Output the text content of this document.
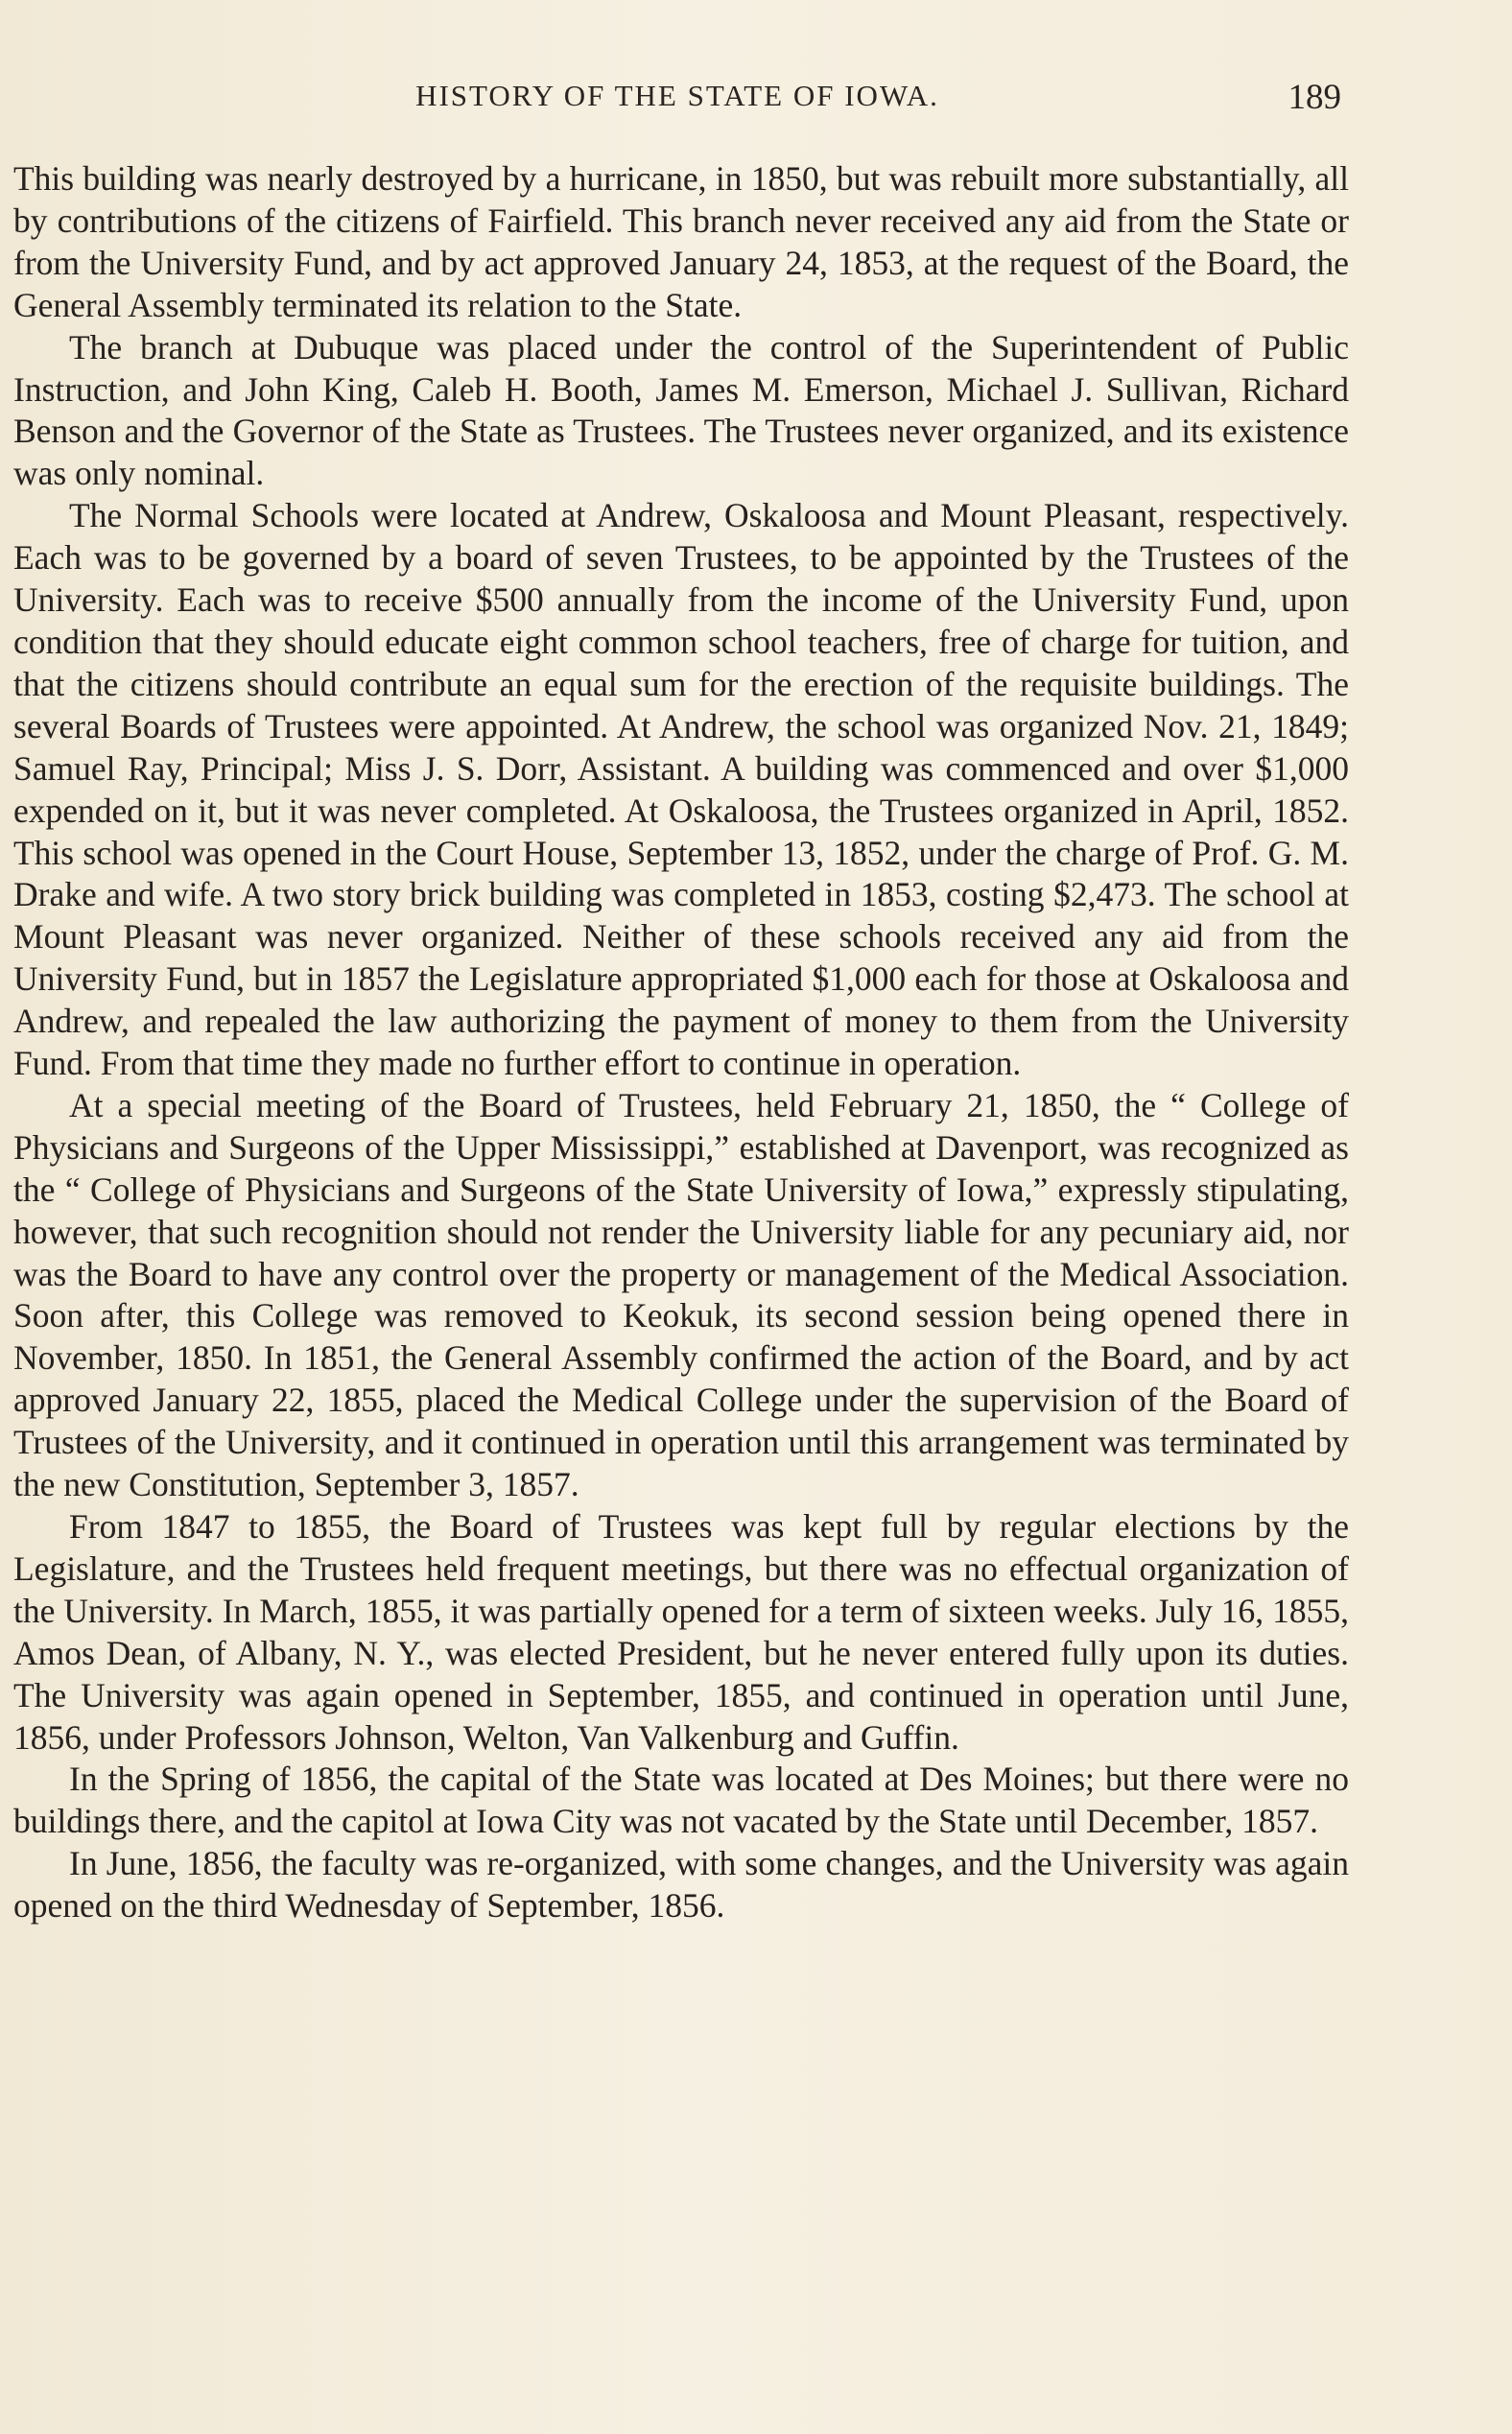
HISTORY OF THE STATE OF IOWA.	189

This building was nearly destroyed by a hurricane, in 1850, but was rebuilt more substantially, all by contributions of the citizens of Fairfield. This branch never received any aid from the State or from the University Fund, and by act approved January 24, 1853, at the request of the Board, the General Assembly terminated its relation to the State.

The branch at Dubuque was placed under the control of the Superintendent of Public Instruction, and John King, Caleb H. Booth, James M. Emerson, Michael J. Sullivan, Richard Benson and the Governor of the State as Trustees. The Trustees never organized, and its existence was only nominal.

The Normal Schools were located at Andrew, Oskaloosa and Mount Pleasant, respectively. Each was to be governed by a board of seven Trustees, to be appointed by the Trustees of the University. Each was to receive $500 annually from the income of the University Fund, upon condition that they should educate eight common school teachers, free of charge for tuition, and that the citizens should contribute an equal sum for the erection of the requisite buildings. The several Boards of Trustees were appointed. At Andrew, the school was organized Nov. 21, 1849; Samuel Ray, Principal; Miss J. S. Dorr, Assistant. A building was commenced and over $1,000 expended on it, but it was never completed. At Oskaloosa, the Trustees organized in April, 1852. This school was opened in the Court House, September 13, 1852, under the charge of Prof. G. M. Drake and wife. A two story brick building was completed in 1853, costing $2,473. The school at Mount Pleasant was never organized. Neither of these schools received any aid from the University Fund, but in 1857 the Legislature appropriated $1,000 each for those at Oskaloosa and Andrew, and repealed the law authorizing the payment of money to them from the University Fund. From that time they made no further effort to continue in operation.

At a special meeting of the Board of Trustees, held February 21, 1850, the “ College of Physicians and Surgeons of the Upper Mississippi,” established at Davenport, was recognized as the “ College of Physicians and Surgeons of the State University of Iowa,” expressly stipulating, however, that such recognition should not render the University liable for any pecuniary aid, nor was the Board to have any control over the property or management of the Medical Association. Soon after, this College was removed to Keokuk, its second session being opened there in November, 1850. In 1851, the General Assembly confirmed the action of the Board, and by act approved January 22, 1855, placed the Medical College under the supervision of the Board of Trustees of the University, and it continued in operation until this arrangement was terminated by the new Constitution, September 3, 1857.

From 1847 to 1855, the Board of Trustees was kept full by regular elections by the Legislature, and the Trustees held frequent meetings, but there was no effectual organization of the University. In March, 1855, it was partially opened for a term of sixteen weeks. July 16, 1855, Amos Dean, of Albany, N. Y., was elected President, but he never entered fully upon its duties. The University was again opened in September, 1855, and continued in operation until June, 1856, under Professors Johnson, Welton, Van Valkenburg and Guffin.

In the Spring of 1856, the capital of the State was located at Des Moines; but there were no buildings there, and the capitol at Iowa City was not vacated by the State until December, 1857.

In June, 1856, the faculty was re-organized, with some changes, and the University was again opened on the third Wednesday of September, 1856.
